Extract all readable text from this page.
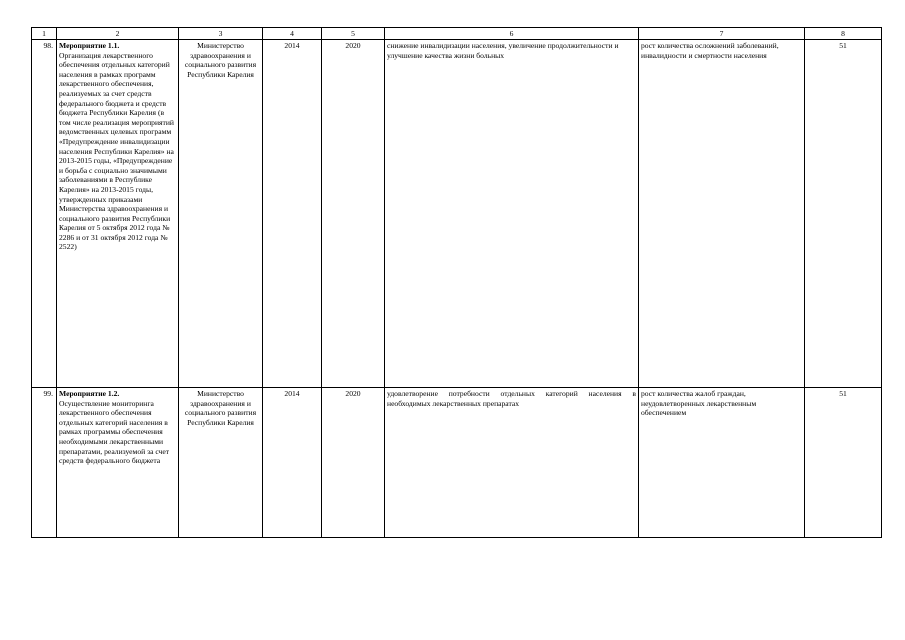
1	2	3	4	5	6	7	8
98.	Мероприятие 1.1.
Организация лекарственного обеспечения отдельных категорий населения в рамках программ лекарственного обеспечения, реализуемых за счет средств федерального бюджета и средств бюджета Республики Карелия (в том числе реализация мероприятий ведомственных целевых программ «Предупреждение инвалидизации населения Республики Карелия» на 2013-2015 годы, «Предупреждение и борьба с социально значимыми заболеваниями в Республике Карелия» на 2013-2015 годы, утвержденных приказами Министерства здравоохранения и социального развития Республики Карелия от 5 октября 2012 года № 2286 и от 31 октября 2012 года № 2522)	Министерство здравоохранения и социального развития Республики Карелия	2014	2020	снижение инвалидизации населения, увеличение продолжительности и улучшение качества жизни больных	рост количества осложнений заболеваний, инвалидности и смертности населения	51
99.	Мероприятие 1.2.
Осуществление мониторинга лекарственного обеспечения отдельных категорий населения в рамках программы обеспечения необходимыми лекарственными препаратами, реализуемой за счет средств федерального бюджета	Министерство здравоохранения и социального развития Республики Карелия	2014	2020	удовлетворение потребности отдельных категорий населения в необходимых лекарственных препаратах	рост количества жалоб граждан, неудовлетворенных лекарственным обеспечением	51
